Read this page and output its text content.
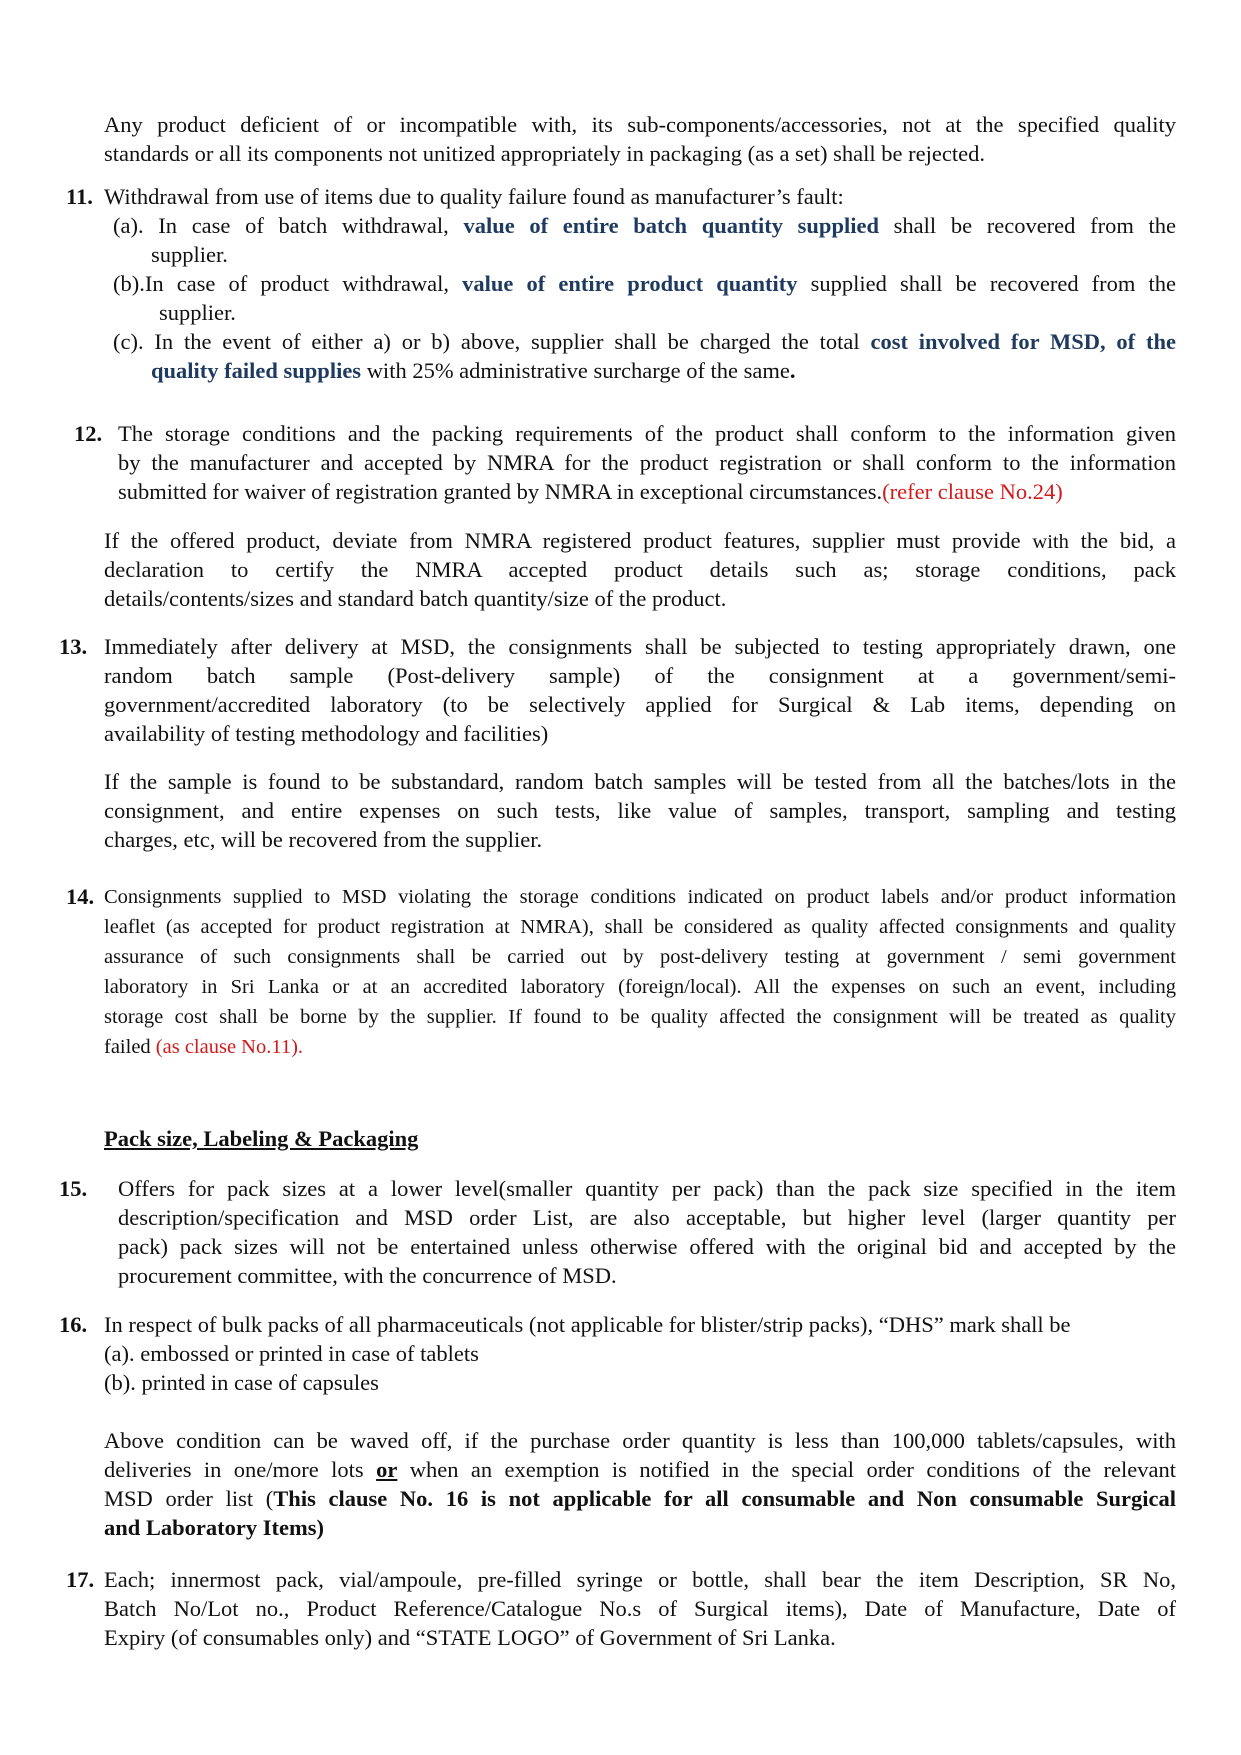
Any product deficient of or incompatible with, its sub-components/accessories, not at the specified quality
standards or all its components not unitized appropriately in packaging (as a set) shall be rejected.
11. Withdrawal from use of items due to quality failure found as manufacturer’s fault:
(a). In case of batch withdrawal, value of entire batch quantity supplied shall be recovered from the
supplier.
(b).In case of product withdrawal, value of entire product quantity supplied shall be recovered from the
supplier.
(c). In the event of either a) or b) above, supplier shall be charged the total cost involved for MSD, of the
quality failed supplies with 25% administrative surcharge of the same.
12. The storage conditions and the packing requirements of the product shall conform to the information given
by the manufacturer and accepted by NMRA for the product registration or shall conform to the information
submitted for waiver of registration granted by NMRA in exceptional circumstances.(refer clause No.24)
If the offered product, deviate from NMRA registered product features, supplier must provide with the bid, a
declaration to certify the NMRA accepted product details such as; storage conditions, pack
details/contents/sizes and standard batch quantity/size of the product.
13. Immediately after delivery at MSD, the consignments shall be subjected to testing appropriately drawn, one
random batch sample (Post-delivery sample) of the consignment at a government/semi-
government/accredited laboratory (to be selectively applied for Surgical & Lab items, depending on
availability of testing methodology and facilities)
If the sample is found to be substandard, random batch samples will be tested from all the batches/lots in the
consignment, and entire expenses on such tests, like value of samples, transport, sampling and testing
charges, etc, will be recovered from the supplier.
14. Consignments supplied to MSD violating the storage conditions indicated on product labels and/or product information
leaflet (as accepted for product registration at NMRA), shall be considered as quality affected consignments and quality
assurance of such consignments shall be carried out by post-delivery testing at government / semi government
laboratory in Sri Lanka or at an accredited laboratory (foreign/local). All the expenses on such an event, including
storage cost shall be borne by the supplier. If found to be quality affected the consignment will be treated as quality
failed (as clause No.11).
Pack size, Labeling & Packaging
15. Offers for pack sizes at a lower level(smaller quantity per pack) than the pack size specified in the item
description/specification and MSD order List, are also acceptable, but higher level (larger quantity per
pack) pack sizes will not be entertained unless otherwise offered with the original bid and accepted by the
procurement committee, with the concurrence of MSD.
16. In respect of bulk packs of all pharmaceuticals (not applicable for blister/strip packs), “DHS” mark shall be
(a). embossed or printed in case of tablets
(b). printed in case of capsules
Above condition can be waved off, if the purchase order quantity is less than 100,000 tablets/capsules, with
deliveries in one/more lots or when an exemption is notified in the special order conditions of the relevant
MSD order list (This clause No. 16 is not applicable for all consumable and Non consumable Surgical
and Laboratory Items)
17. Each; innermost pack, vial/ampoule, pre-filled syringe or bottle, shall bear the item Description, SR No,
Batch No/Lot no., Product Reference/Catalogue No.s of Surgical items), Date of Manufacture, Date of
Expiry (of consumables only) and “STATE LOGO” of Government of Sri Lanka.
